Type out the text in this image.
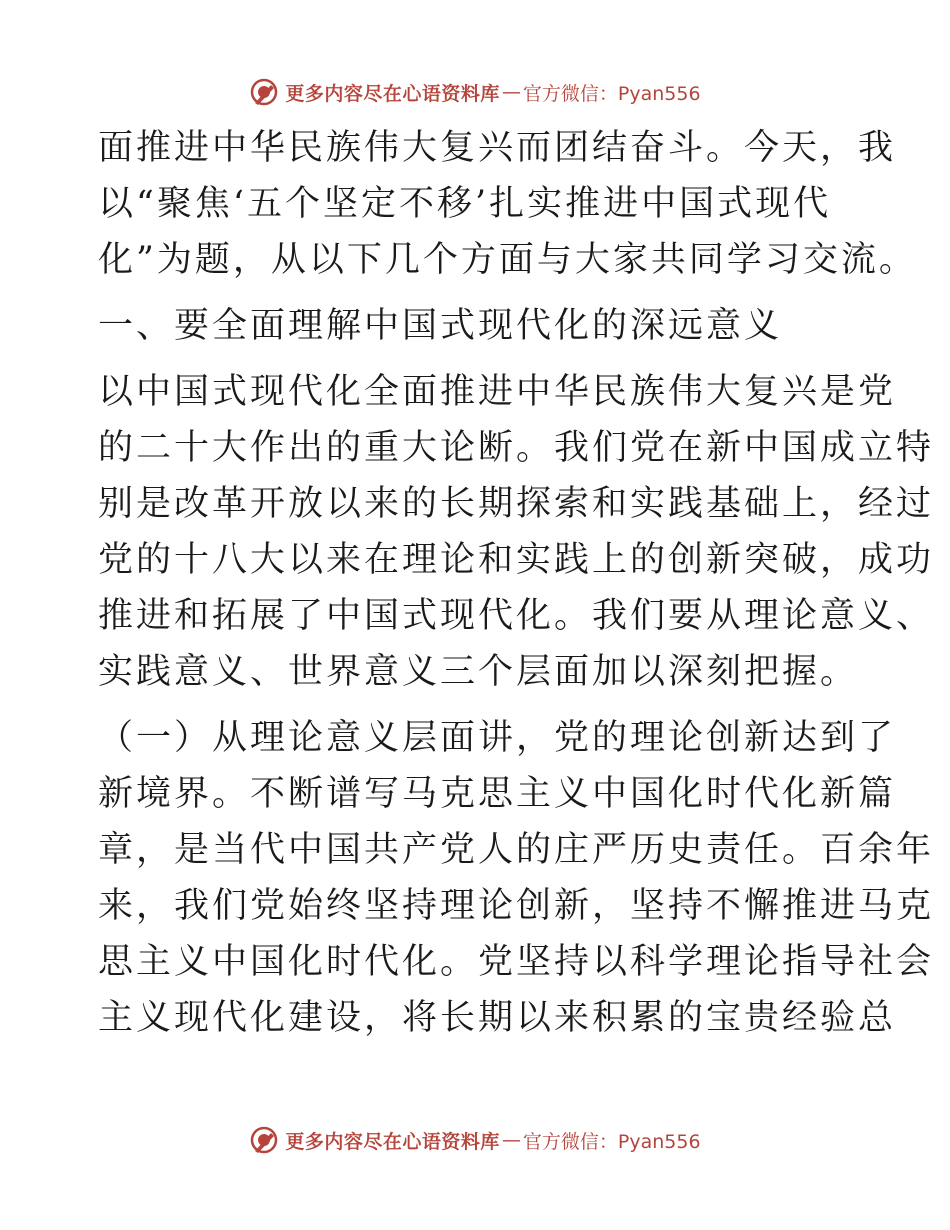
更多内容尽在心语资料库 — 官方微信：Pyan556
面推进中华民族伟大复兴而团结奋斗。今天，我
以“聚焦‘五个坚定不移’扎实推进中国式现代
化”为题，从以下几个方面与大家共同学习交流。
一、要全面理解中国式现代化的深远意义
以中国式现代化全面推进中华民族伟大复兴是党
的二十大作出的重大论断。我们党在新中国成立特
别是改革开放以来的长期探索和实践基础上，经过
党的十八大以来在理论和实践上的创新突破，成功
推进和拓展了中国式现代化。我们要从理论意义、
实践意义、世界意义三个层面加以深刻把握。
（一）从理论意义层面讲，党的理论创新达到了
新境界。不断谱写马克思主义中国化时代化新篇
章，是当代中国共产党人的庄严历史责任。百余年
来，我们党始终坚持理论创新，坚持不懈推进马克
思主义中国化时代化。党坚持以科学理论指导社会
主义现代化建设，将长期以来积累的宝贵经验总
更多内容尽在心语资料库 — 官方微信：Pyan556
